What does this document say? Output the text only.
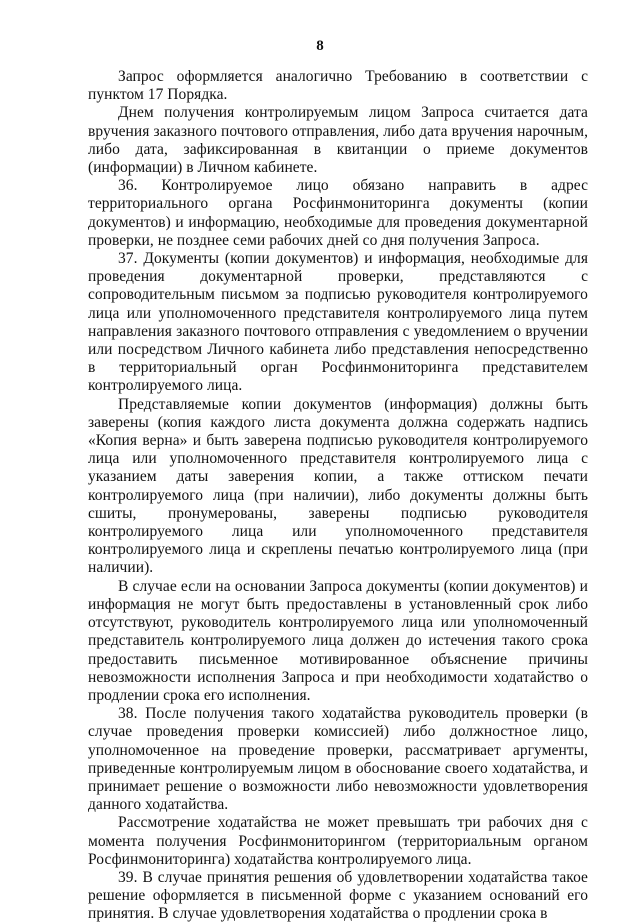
8

Запрос оформляется аналогично Требованию в соответствии с пунктом 17 Порядка.

Днем получения контролируемым лицом Запроса считается дата вручения заказного почтового отправления, либо дата вручения нарочным, либо дата, зафиксированная в квитанции о приеме документов (информации) в Личном кабинете.

36. Контролируемое лицо обязано направить в адрес территориального органа Росфинмониторинга документы (копии документов) и информацию, необходимые для проведения документарной проверки, не позднее семи рабочих дней со дня получения Запроса.

37. Документы (копии документов) и информация, необходимые для проведения документарной проверки, представляются с сопроводительным письмом за подписью руководителя контролируемого лица или уполномоченного представителя контролируемого лица путем направления заказного почтового отправления с уведомлением о вручении или посредством Личного кабинета либо представления непосредственно в территориальный орган Росфинмониторинга представителем контролируемого лица.

Представляемые копии документов (информация) должны быть заверены (копия каждого листа документа должна содержать надпись «Копия верна» и быть заверена подписью руководителя контролируемого лица или уполномоченного представителя контролируемого лица с указанием даты заверения копии, а также оттиском печати контролируемого лица (при наличии), либо документы должны быть сшиты, пронумерованы, заверены подписью руководителя контролируемого лица или уполномоченного представителя контролируемого лица и скреплены печатью контролируемого лица (при наличии).

В случае если на основании Запроса документы (копии документов) и информация не могут быть предоставлены в установленный срок либо отсутствуют, руководитель контролируемого лица или уполномоченный представитель контролируемого лица должен до истечения такого срока предоставить письменное мотивированное объяснение причины невозможности исполнения Запроса и при необходимости ходатайство о продлении срока его исполнения.

38. После получения такого ходатайства руководитель проверки (в случае проведения проверки комиссией) либо должностное лицо, уполномоченное на проведение проверки, рассматривает аргументы, приведенные контролируемым лицом в обоснование своего ходатайства, и принимает решение о возможности либо невозможности удовлетворения данного ходатайства.

Рассмотрение ходатайства не может превышать три рабочих дня с момента получения Росфинмониторингом (территориальным органом Росфинмониторинга) ходатайства контролируемого лица.

39. В случае принятия решения об удовлетворении ходатайства такое решение оформляется в письменной форме с указанием оснований его принятия. В случае удовлетворения ходатайства о продлении срока в
